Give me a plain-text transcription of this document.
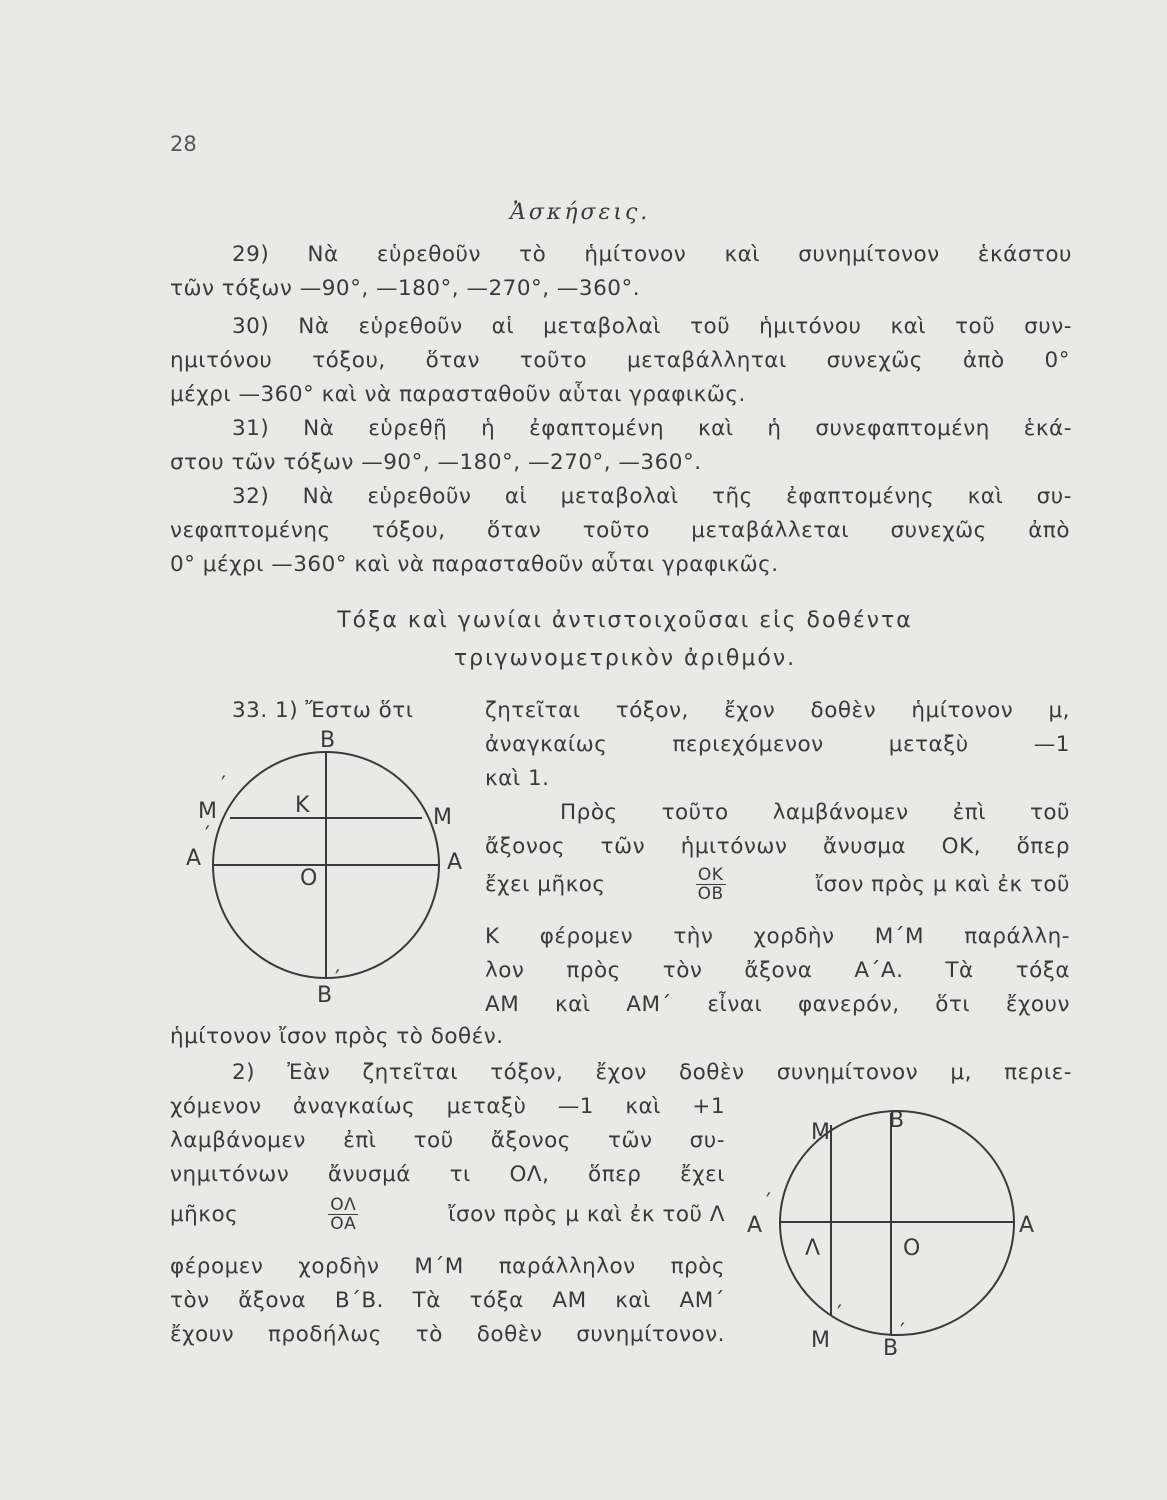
28
Ἀσκήσεις.
29) Νὰ εὑρεθοῦν τὸ ἡμίτονον καὶ συνημίτονον ἑκάστου
τῶν τόξων —90°, —180°, —270°, —360°.
30) Νὰ εὑρεθοῦν αἱ μεταβολαὶ τοῦ ἡμιτόνου καὶ τοῦ συν-
ημιτόνου τόξου, ὅταν τοῦτο μεταβάλληται συνεχῶς ἀπὸ 0°
μέχρι —360° καὶ νὰ παρασταθοῦν αὗται γραφικῶς.
31) Νὰ εὑρεθῇ ἡ ἐφαπτομένη καὶ ἡ συνεφαπτομένη ἑκά-
στου τῶν τόξων —90°, —180°, —270°, —360°.
32) Νὰ εὑρεθοῦν αἱ μεταβολαὶ τῆς ἐφαπτομένης καὶ συ-
νεφαπτομένης τόξου, ὅταν τοῦτο μεταβάλλεται συνεχῶς ἀπὸ
0° μέχρι —360° καὶ νὰ παρασταθοῦν αὗται γραφικῶς.
Τόξα καὶ γωνίαι ἀντιστοιχοῦσαι εἰς δοθέντα
τριγωνομετρικὸν ἀριθμόν.
33. 1) Ἔστω ὅτι	ζητεῖται τόξον, ἔχον δοθὲν ἡμίτονον μ,
ἀναγκαίως περιεχόμενον μεταξὺ —1
καὶ 1.
Πρὸς τοῦτο λαμβάνομεν ἐπὶ τοῦ
ἄξονος τῶν ἡμιτόνων ἄνυσμα ΟΚ, ὅπερ
ἔχει μῆκος	$\frac{OK}{OB}$	ἴσον πρὸς μ καὶ ἐκ τοῦ
Κ φέρομεν τὴν χορδὴν Μ΄Μ παράλλη-
λον πρὸς τὸν ἄξονα Α΄Α. Τὰ τόξα
ΑΜ καὶ ΑΜ΄ εἶναι φανερόν, ὅτι ἔχουν
ἡμίτονον ἴσον πρὸς τὸ δοθέν.
B
B
′
M
′
K	M
A
′
A
O
2) Ἐὰν ζητεῖται τόξον, ἔχον δοθὲν συνημίτονον μ, περιε-
χόμενον ἀναγκαίως μεταξὺ —1 καὶ +1
λαμβάνομεν ἐπὶ τοῦ ἄξονος τῶν συ-
νημιτόνων ἄνυσμά τι ΟΛ, ὅπερ ἔχει
μῆκος	$\frac{O\Lambda}{OA}$	ἴσον πρὸς μ καὶ ἐκ τοῦ Λ
φέρομεν χορδὴν Μ΄Μ παράλληλον πρὸς
τὸν ἄξονα Β΄Β. Τὰ τόξα ΑΜ καὶ ΑΜ΄
ἔχουν προδήλως τὸ δοθὲν συνημίτονον.
M	B
A
′
A
Λ	O
M
′
B
′
